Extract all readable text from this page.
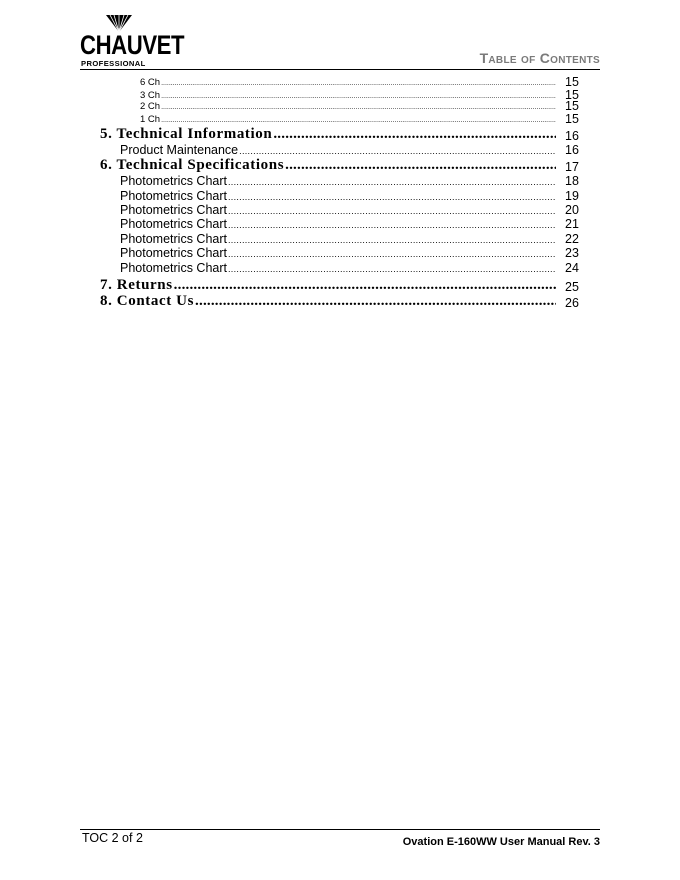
CHAUVET
PROFESSIONAL	Table of Contents
6 Ch .....	15
3 Ch .....	15
2 Ch .....	15
1 Ch .....	15
5. Technical Information .....	16
Product Maintenance .....	16
6. Technical Specifications .....	17
Photometrics Chart .....	18
Photometrics Chart .....	19
Photometrics Chart .....	20
Photometrics Chart .....	21
Photometrics Chart .....	22
Photometrics Chart .....	23
Photometrics Chart .....	24
7. Returns .....	25
8. Contact Us .....	26
TOC 2 of 2	Ovation E-160WW User Manual Rev. 3
